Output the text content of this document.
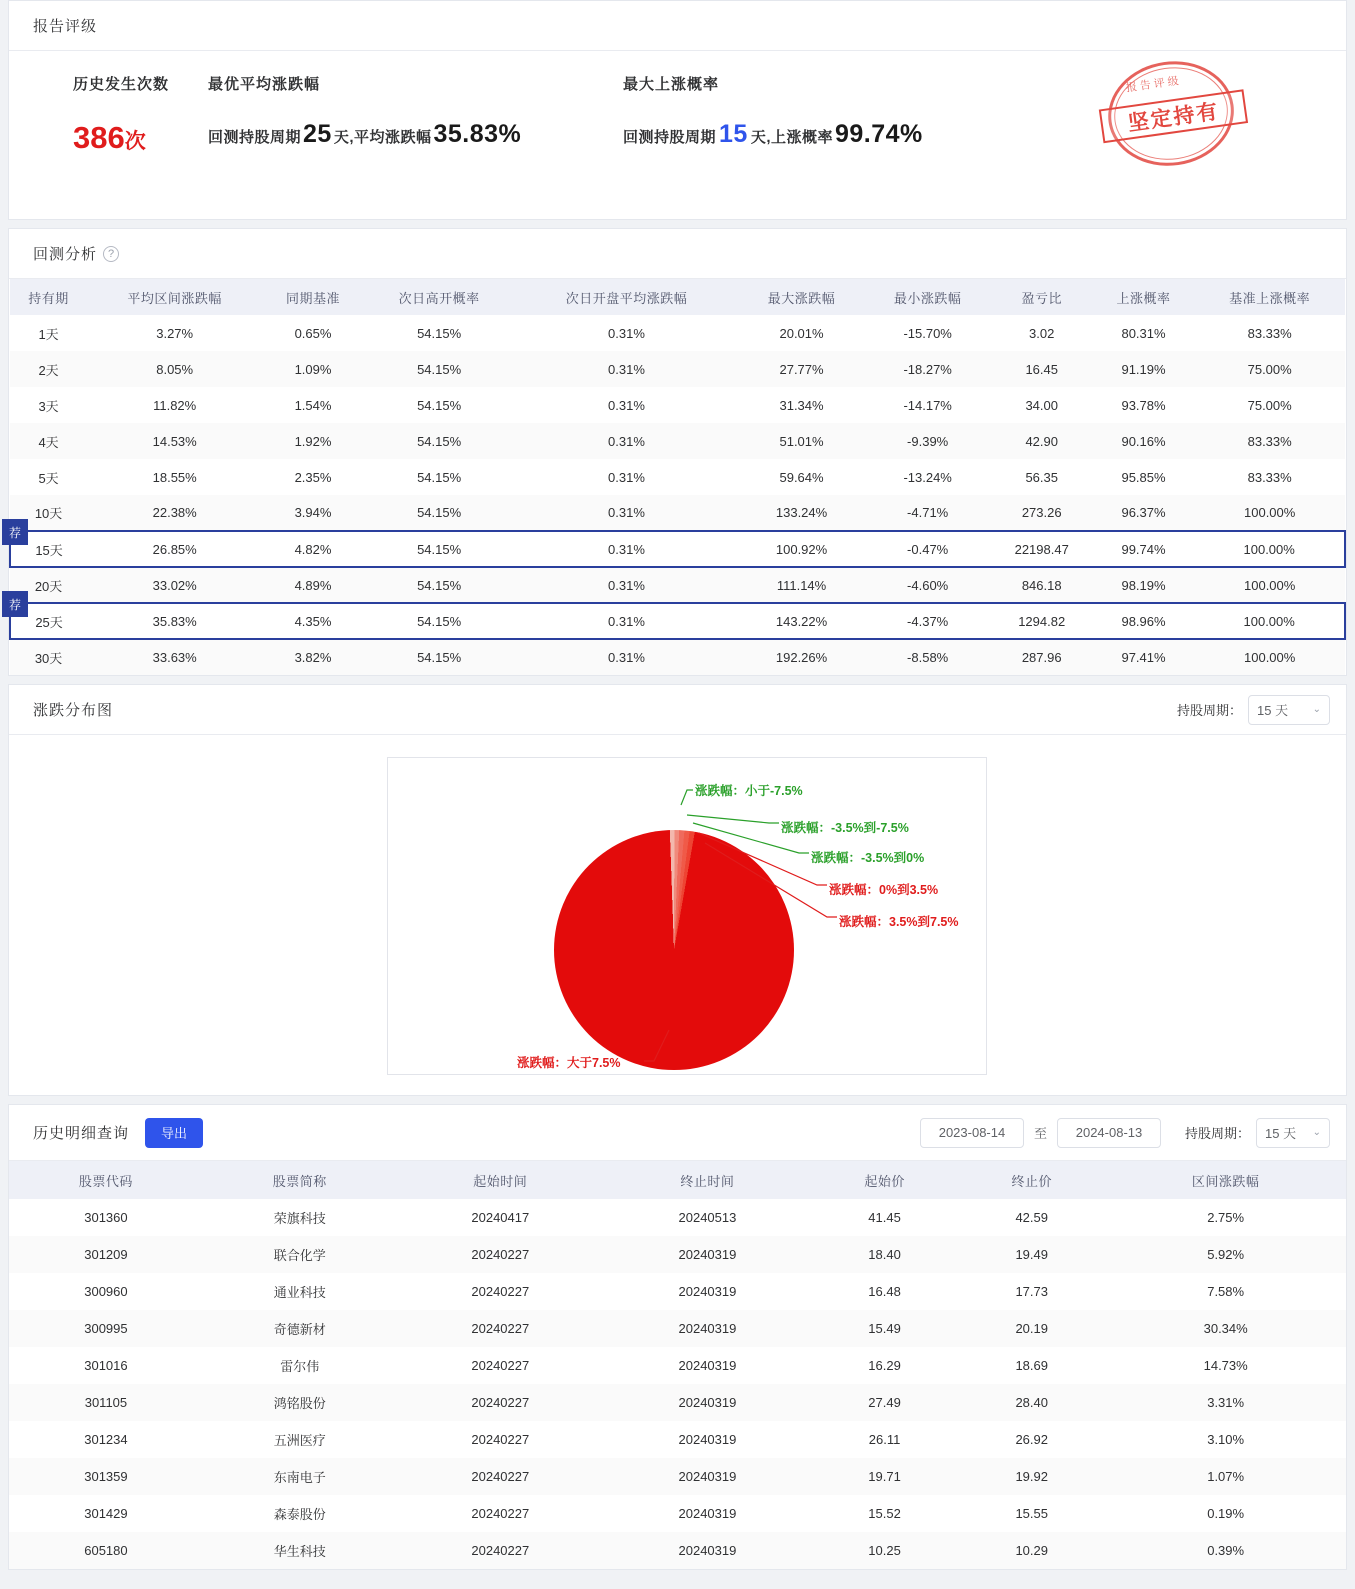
报告评级
历史发生次数
386次
最优平均涨跌幅
回测持股周期25 天,平均涨跌幅35.83%
最大上涨概率
回测持股周期 15 天,上涨概率99.74%
报告评级
坚定持有
回测分析 ?
持有期	平均区间涨跌幅	同期基准	次日高开概率	次日开盘平均涨跌幅	最大涨跌幅	最小涨跌幅	盈亏比	上涨概率	基准上涨概率
1天	3.27%	0.65%	54.15%	0.31%	20.01%	-15.70%	3.02	80.31%	83.33%
2天	8.05%	1.09%	54.15%	0.31%	27.77%	-18.27%	16.45	91.19%	75.00%
3天	11.82%	1.54%	54.15%	0.31%	31.34%	-14.17%	34.00	93.78%	75.00%
4天	14.53%	1.92%	54.15%	0.31%	51.01%	-9.39%	42.90	90.16%	83.33%
5天	18.55%	2.35%	54.15%	0.31%	59.64%	-13.24%	56.35	95.85%	83.33%
10天	22.38%	3.94%	54.15%	0.31%	133.24%	-4.71%	273.26	96.37%	100.00%

荐
15天	26.85%	4.82%	54.15%	0.31%	100.92%	-0.47%	22198.47	99.74%	100.00%
20天	33.02%	4.89%	54.15%	0.31%	111.14%	-4.60%	846.18	98.19%	100.00%

荐
25天	35.83%	4.35%	54.15%	0.31%	143.22%	-4.37%	1294.82	98.96%	100.00%
30天	33.63%	3.82%	54.15%	0.31%	192.26%	-8.58%	287.96	97.41%	100.00%
涨跌分布图	持股周期： 15 天 ⌄
涨跌幅：小于-7.5%
涨跌幅：-3.5%到-7.5%
涨跌幅：-3.5%到0%
涨跌幅：0%到3.5%
涨跌幅：3.5%到7.5%
涨跌幅：大于7.5%
历史明细查询	导出	2023-08-14	至	2024-08-13	持股周期： 15 天 ⌄
股票代码	股票简称	起始时间	终止时间	起始价	终止价	区间涨跌幅
301360	荣旗科技	20240417	20240513	41.45	42.59	2.75%
301209	联合化学	20240227	20240319	18.40	19.49	5.92%
300960	通业科技	20240227	20240319	16.48	17.73	7.58%
300995	奇德新材	20240227	20240319	15.49	20.19	30.34%
301016	雷尔伟	20240227	20240319	16.29	18.69	14.73%
301105	鸿铭股份	20240227	20240319	27.49	28.40	3.31%
301234	五洲医疗	20240227	20240319	26.11	26.92	3.10%
301359	东南电子	20240227	20240319	19.71	19.92	1.07%
301429	森泰股份	20240227	20240319	15.52	15.55	0.19%
605180	华生科技	20240227	20240319	10.25	10.29	0.39%
